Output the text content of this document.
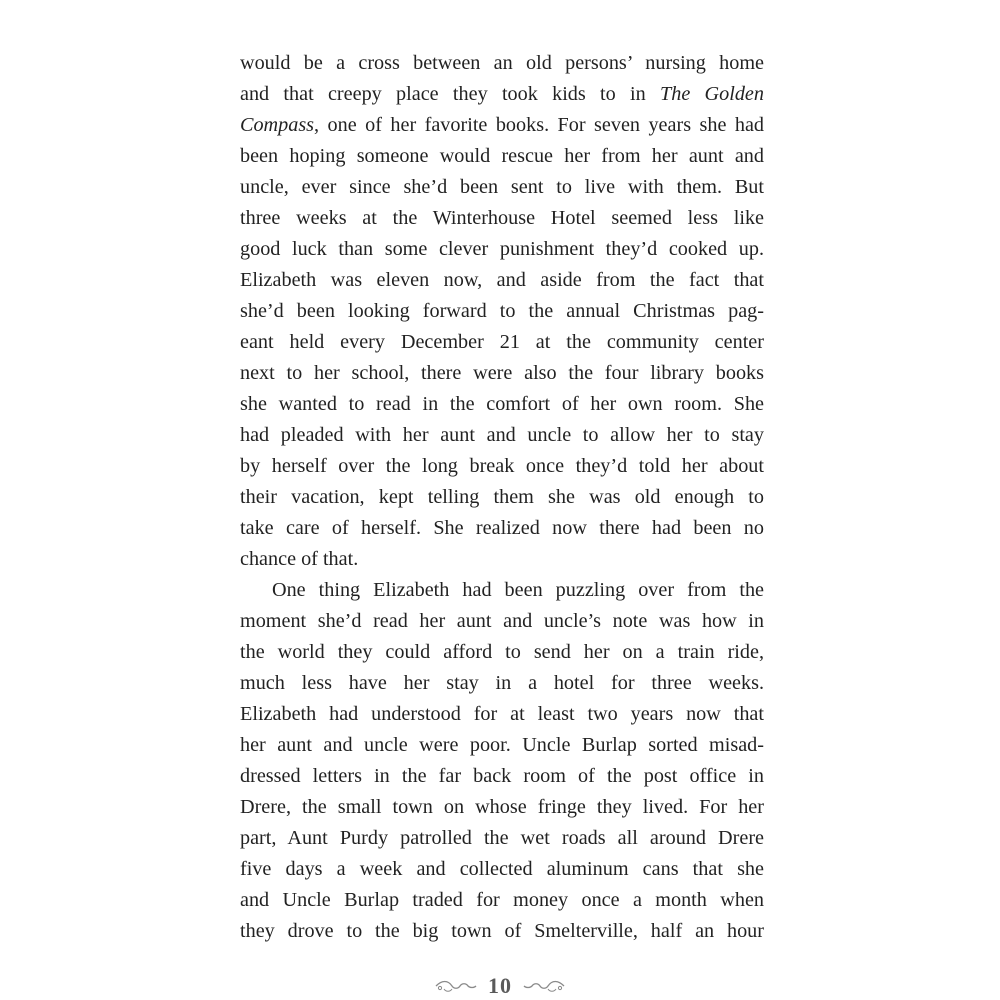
would be a cross between an old persons’ nursing home
and that creepy place they took kids to in The Golden
Compass, one of her favorite books. For seven years she had
been hoping someone would rescue her from her aunt and
uncle, ever since she’d been sent to live with them. But
three weeks at the Winterhouse Hotel seemed less like
good luck than some clever punishment they’d cooked up.
Elizabeth was eleven now, and aside from the fact that
she’d been looking forward to the annual Christmas pag-
eant held every December 21 at the community center
next to her school, there were also the four library books
she wanted to read in the comfort of her own room. She
had pleaded with her aunt and uncle to allow her to stay
by herself over the long break once they’d told her about
their vacation, kept telling them she was old enough to
take care of herself. She realized now there had been no
chance of that.

One thing Elizabeth had been puzzling over from the
moment she’d read her aunt and uncle’s note was how in
the world they could afford to send her on a train ride,
much less have her stay in a hotel for three weeks.
Elizabeth had understood for at least two years now that
her aunt and uncle were poor. Uncle Burlap sorted misad-
dressed letters in the far back room of the post office in
Drere, the small town on whose fringe they lived. For her
part, Aunt Purdy patrolled the wet roads all around Drere
five days a week and collected aluminum cans that she
and Uncle Burlap traded for money once a month when
they drove to the big town of Smelterville, half an hour

10
